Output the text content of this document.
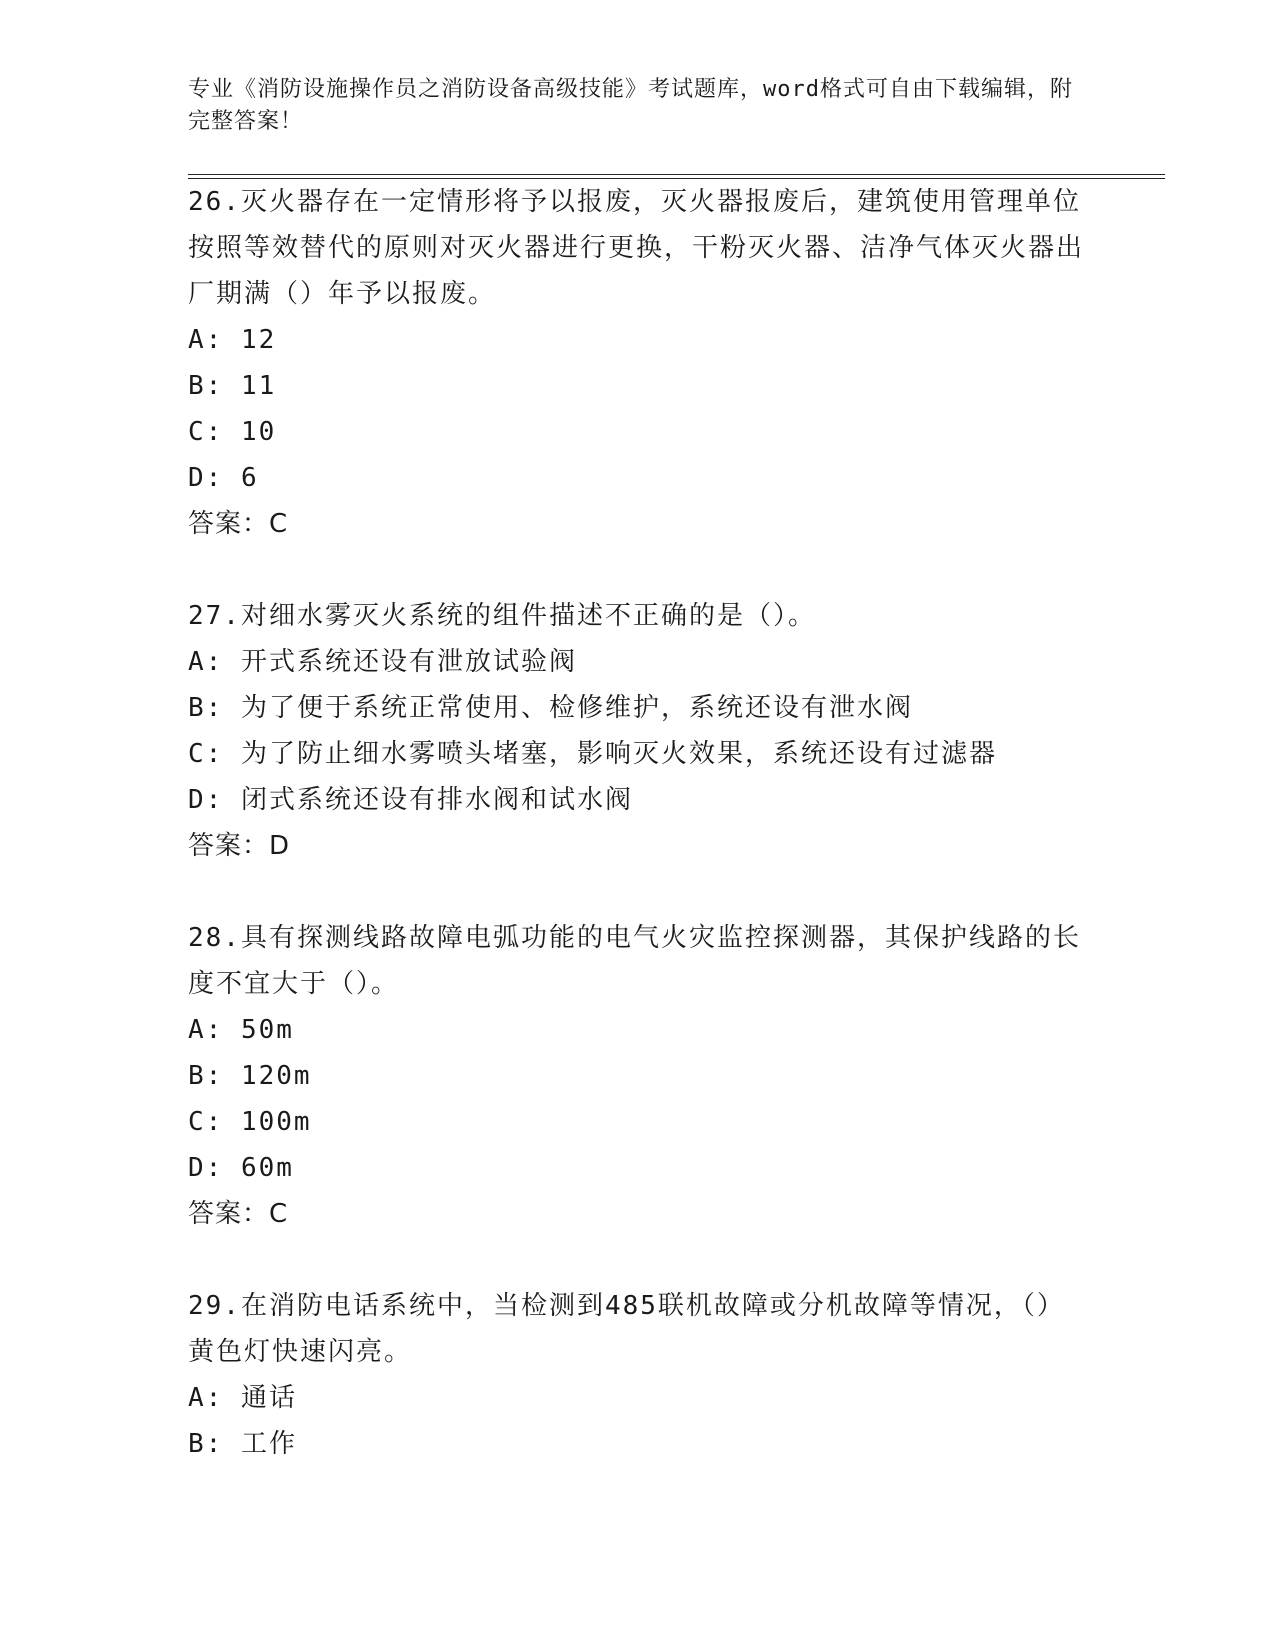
专业《消防设施操作员之消防设备高级技能》考试题库，word格式可自由下载编辑，附完整答案！

26.灭火器存在一定情形将予以报废，灭火器报废后，建筑使用管理单位按照等效替代的原则对灭火器进行更换，干粉灭火器、洁净气体灭火器出厂期满（）年予以报废。

A: 12

B: 11

C: 10

D: 6

答案：C

27.对细水雾灭火系统的组件描述不正确的是（）。

A: 开式系统还设有泄放试验阀

B: 为了便于系统正常使用、检修维护，系统还设有泄水阀

C: 为了防止细水雾喷头堵塞，影响灭火效果，系统还设有过滤器

D: 闭式系统还设有排水阀和试水阀

答案：D

28.具有探测线路故障电弧功能的电气火灾监控探测器，其保护线路的长度不宜大于（）。

A: 50m

B: 120m

C: 100m

D: 60m

答案：C

29.在消防电话系统中，当检测到485联机故障或分机故障等情况，（）黄色灯快速闪亮。

A: 通话

B: 工作
